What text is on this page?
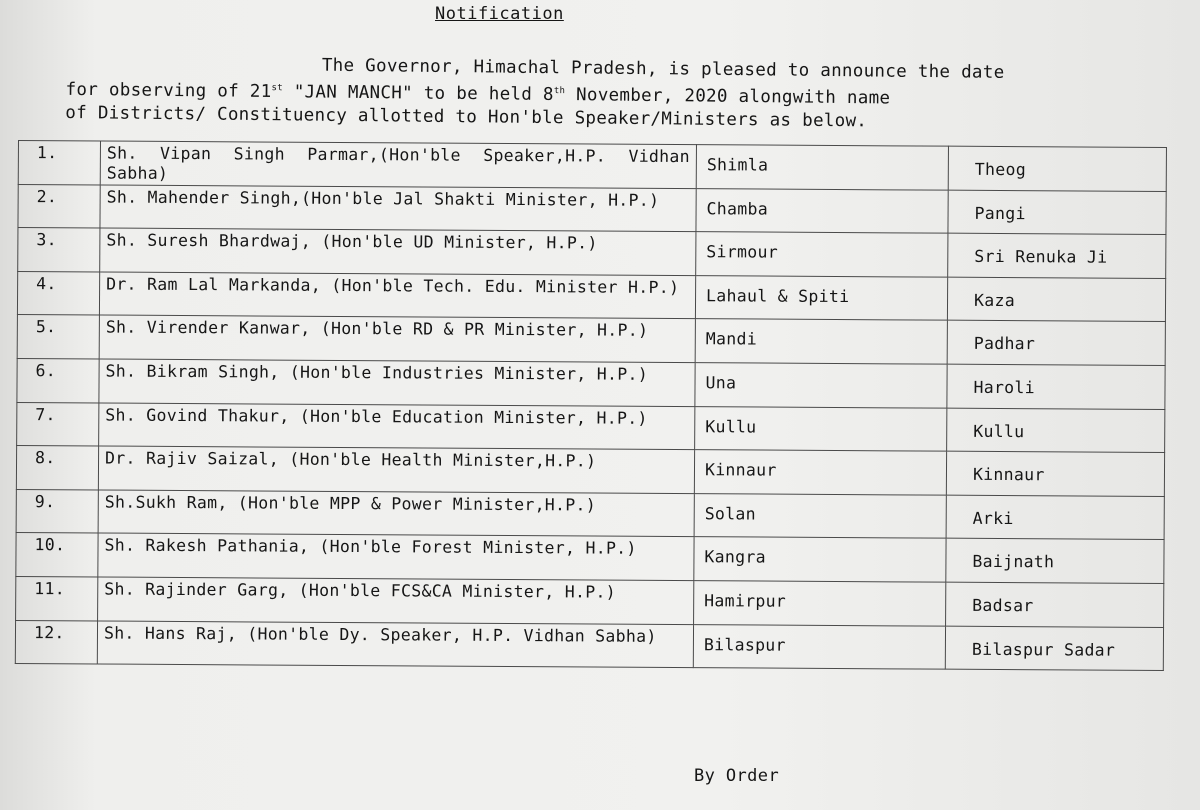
Notification
The Governor, Himachal Pradesh, is pleased to announce the date
for observing of 21st "JAN MANCH" to be held 8th November, 2020 alongwith name
of Districts/ Constituency allotted to Hon'ble Speaker/Ministers as below.
1.	Sh. Vipan Singh Parmar,(Hon'ble Speaker,H.P. Vidhan Sabha)	Shimla	Theog
2.	Sh. Mahender Singh,(Hon'ble Jal Shakti Minister, H.P.)	Chamba	Pangi
3.	Sh. Suresh Bhardwaj, (Hon'ble UD Minister, H.P.)	Sirmour	Sri Renuka Ji
4.	Dr. Ram Lal Markanda, (Hon'ble Tech. Edu. Minister H.P.)	Lahaul & Spiti	Kaza
5.	Sh. Virender Kanwar, (Hon'ble RD & PR Minister, H.P.)	Mandi	Padhar
6.	Sh. Bikram Singh, (Hon'ble Industries Minister, H.P.)	Una	Haroli
7.	Sh. Govind Thakur, (Hon'ble Education Minister, H.P.)	Kullu	Kullu
8.	Dr. Rajiv Saizal, (Hon'ble Health Minister,H.P.)	Kinnaur	Kinnaur
9.	Sh.Sukh Ram, (Hon'ble MPP & Power Minister,H.P.)	Solan	Arki
10.	Sh. Rakesh Pathania, (Hon'ble Forest Minister, H.P.)	Kangra	Baijnath
11.	Sh. Rajinder Garg, (Hon'ble FCS&CA Minister, H.P.)	Hamirpur	Badsar
12.	Sh. Hans Raj, (Hon'ble Dy. Speaker, H.P. Vidhan Sabha)	Bilaspur	Bilaspur Sadar
By Order
